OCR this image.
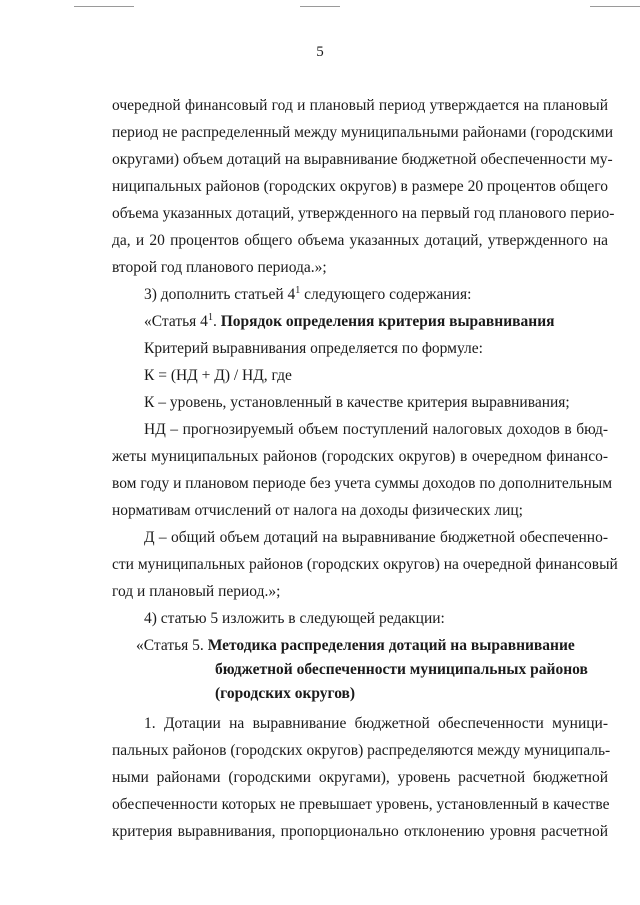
5
очередной финансовый год и плановый период утверждается на плановый
период не распределенный между муниципальными районами (городскими
округами) объем дотаций на выравнивание бюджетной обеспеченности му-
ниципальных районов (городских округов) в размере 20 процентов общего
объема указанных дотаций, утвержденного на первый год планового перио-
да, и 20 процентов общего объема указанных дотаций, утвержденного на
второй год планового периода.»;
3) дополнить статьей $4^1$ следующего содержания:
«Статья $4^1$. Порядок определения критерия выравнивания
Критерий выравнивания определяется по формуле:
К = (НД + Д) / НД, где
К – уровень, установленный в качестве критерия выравнивания;
НД – прогнозируемый объем поступлений налоговых доходов в бюд-
жеты муниципальных районов (городских округов) в очередном финансо-
вом году и плановом периоде без учета суммы доходов по дополнительным
нормативам отчислений от налога на доходы физических лиц;
Д – общий объем дотаций на выравнивание бюджетной обеспеченно-
сти муниципальных районов (городских округов) на очередной финансовый
год и плановый период.»;
4) статью 5 изложить в следующей редакции:
«Статья 5. Методика распределения дотаций на выравнивание
бюджетной обеспеченности муниципальных районов
(городских округов)
1. Дотации на выравнивание бюджетной обеспеченности муници-
пальных районов (городских округов) распределяются между муниципаль-
ными районами (городскими округами), уровень расчетной бюджетной
обеспеченности которых не превышает уровень, установленный в качестве
критерия выравнивания, пропорционально отклонению уровня расчетной
